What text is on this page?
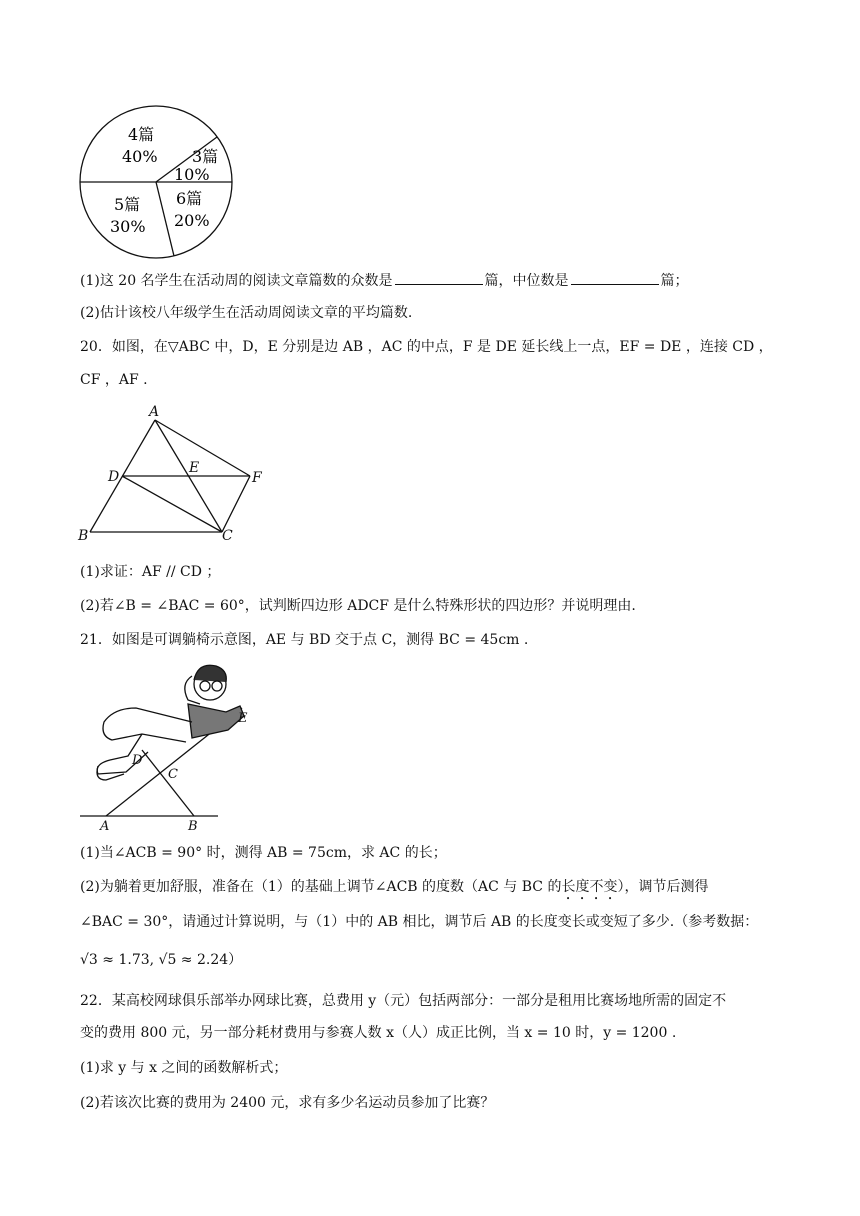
4篇
40% 3篇
10%
5篇
30%
6篇
20%
(1)这 20 名学生在活动周的阅读文章篇数的众数是	篇，中位数是	篇；
(2)估计该校八年级学生在活动周阅读文章的平均篇数.
20．如图，在▽ABC 中，D，E 分别是边 AB ，AC 的中点，F 是 DE 延长线上一点，EF = DE ，连接 CD ，
CF ，AF .
A
D
E
F
B	C
(1)求证：AF // CD ；
(2)若∠B = ∠BAC = 60°，试判断四边形 ADCF 是什么特殊形状的四边形？并说明理由.
21．如图是可调躺椅示意图，AE 与 BD 交于点 C，测得 BC = 45cm .
E
D
C
A	B
(1)当∠ACB = 90° 时，测得 AB = 75cm，求 AC 的长；
(2)为躺着更加舒服，准备在（1）的基础上调节∠ACB 的度数（AC 与 BC 的长度不变），调节后测得
∠BAC = 30°，请通过计算说明，与（1）中的 AB 相比，调节后 AB 的长度变长或变短了多少.（参考数据：
√3 ≈ 1.73, √5 ≈ 2.24）
22．某高校网球俱乐部举办网球比赛，总费用 y（元）包括两部分：一部分是租用比赛场地所需的固定不
变的费用 800 元，另一部分耗材费用与参赛人数 x（人）成正比例，当 x = 10 时，y = 1200 .
(1)求 y 与 x 之间的函数解析式；
(2)若该次比赛的费用为 2400 元，求有多少名运动员参加了比赛？
